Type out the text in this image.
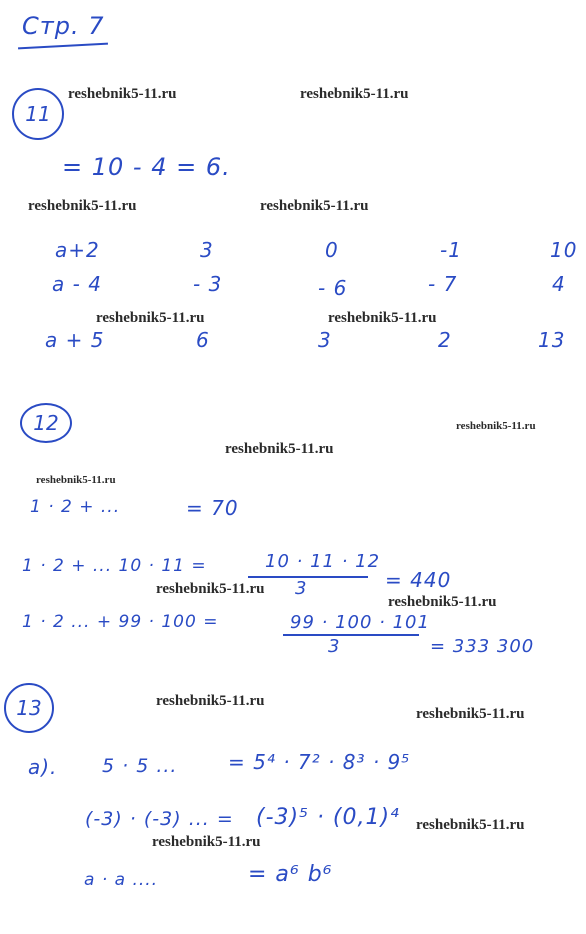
Стр. 7
11
= 10 - 4 = 6.
a+2	3	0	-1	10
a - 4	- 3	- 6	- 7	4
a + 5	6	3	2	13
12
1 · 2 + ...	= 70
1 · 2 + ... 10 · 11 =	10 · 11 · 12
3	= 440
1 · 2 ... + 99 · 100 =	99 · 100 · 101
3	= 333 300
13
a). 5 · 5 ...	= 5⁴ · 7² · 8³ · 9⁵
(-3) · (-3) ... = (-3)⁵ · (0,1)⁴
a · a ....	= a⁶ b⁶
reshebnik5-11.ru	reshebnik5-11.ru
reshebnik5-11.ru	reshebnik5-11.ru
reshebnik5-11.ru	reshebnik5-11.ru
reshebnik5-11.ru
reshebnik5-11.ru
reshebnik5-11.ru
reshebnik5-11.ru
reshebnik5-11.ru
reshebnik5-11.ru
reshebnik5-11.ru
reshebnik5-11.ru
reshebnik5-11.ru
